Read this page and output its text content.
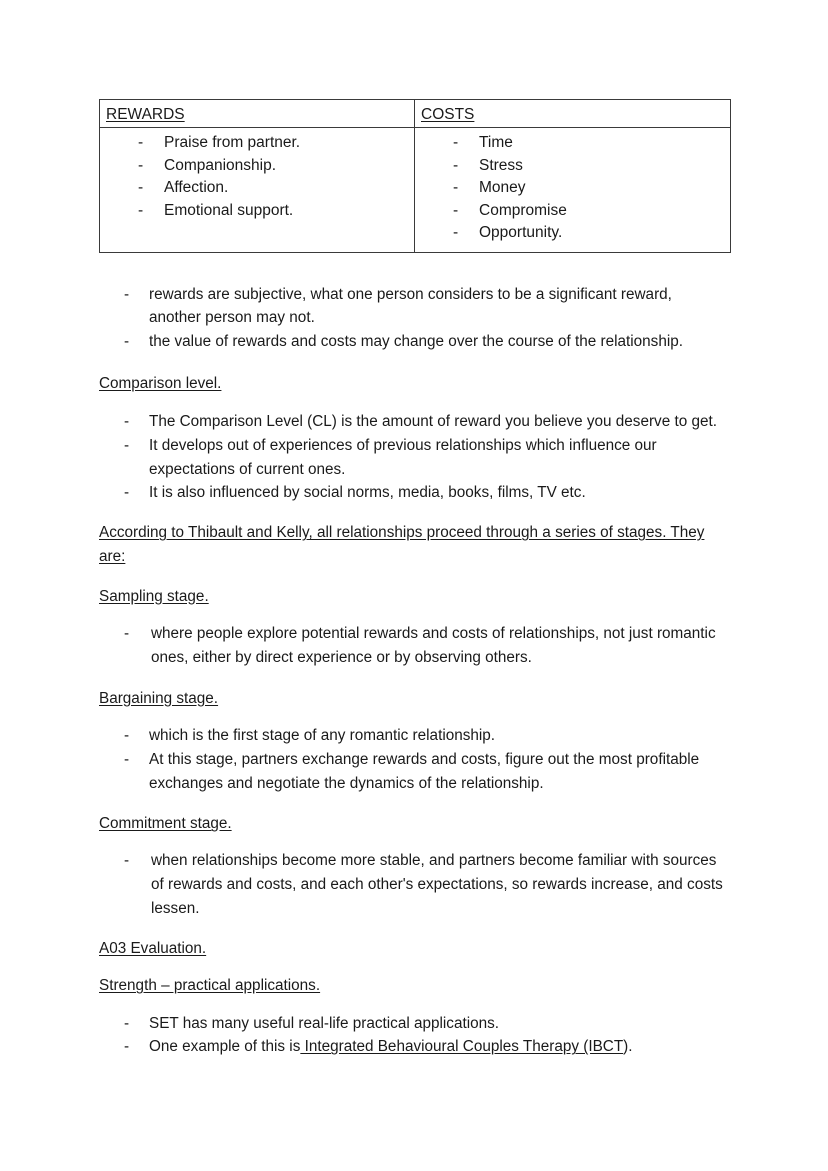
REWARDS	COSTS

- Praise from partner.
- Companionship.
- Affection.
- Emotional support.

- Time
- Stress
- Money
- Compromise
- Opportunity.
- rewards are subjective, what one person considers to be a significant reward, another person may not.
- the value of rewards and costs may change over the course of the relationship.
Comparison level.
- The Comparison Level (CL) is the amount of reward you believe you deserve to get.
- It develops out of experiences of previous relationships which influence our expectations of current ones.
- It is also influenced by social norms, media, books, films, TV etc.

According to Thibault and Kelly, all relationships proceed through a series of stages. They are:

Sampling stage.
- where people explore potential rewards and costs of relationships, not just romantic ones, either by direct experience or by observing others.
Bargaining stage.
- which is the first stage of any romantic relationship.
- At this stage, partners exchange rewards and costs, figure out the most profitable exchanges and negotiate the dynamics of the relationship.
Commitment stage.
- when relationships become more stable, and partners become familiar with sources of rewards and costs, and each other's expectations, so rewards increase, and costs lessen.
A03 Evaluation.
Strength – practical applications.
- SET has many useful real-life practical applications.
- One example of this is Integrated Behavioural Couples Therapy (IBCT).
